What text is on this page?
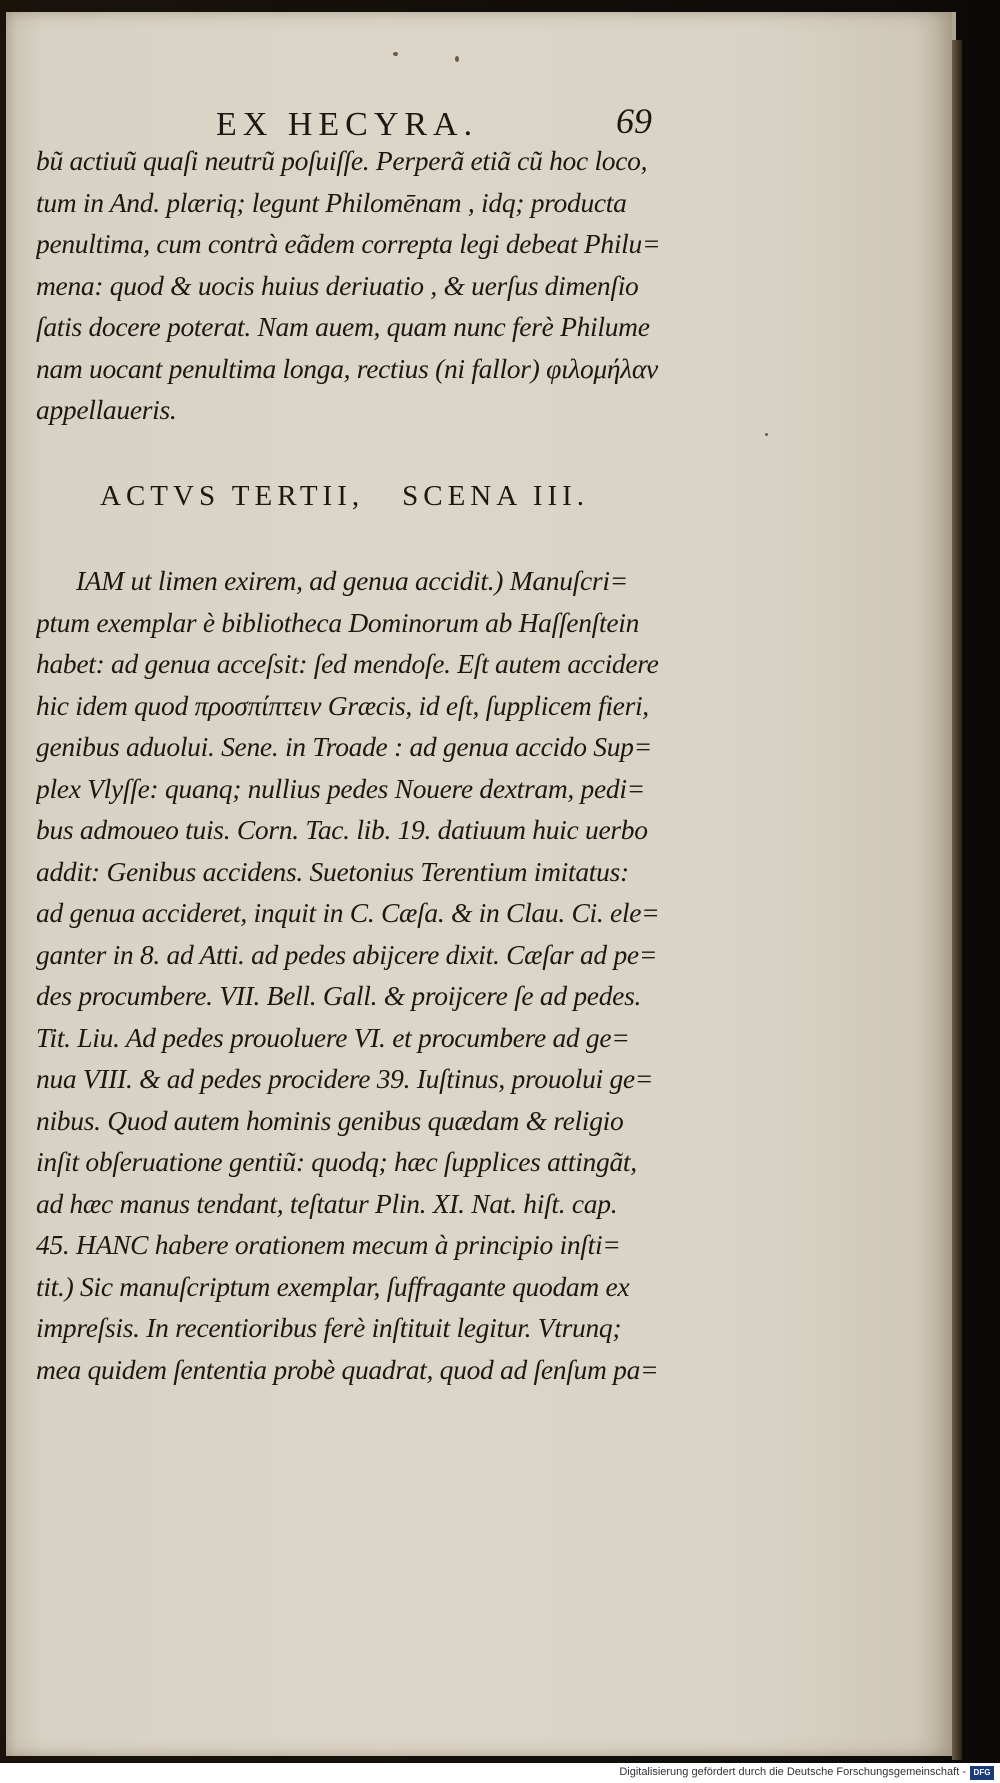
EX HECYRA.	69
bũ actiuũ quaſi neutrũ poſuiſſe. Perperã etiã cũ hoc loco,
tum in And. plæriq; legunt Philomēnam , idq; producta
penultima, cum contrà eãdem correpta legi debeat Philu=
mena: quod & uocis huius deriuatio , & uerſus dimenſio
ſatis docere poterat. Nam auem, quam nunc ferè Philume
nam uocant penultima longa, rectius (ni fallor) φιλομήλαν
appellaueris.
ACTVS TERTII, SCENA III.
IAM ut limen exirem, ad genua accidit.) Manuſcri=
ptum exemplar è bibliotheca Dominorum ab Haſſenſtein
habet: ad genua acceſsit: ſed mendoſe. Eſt autem accidere
hic idem quod προσπίπτειν Græcis, id eſt, ſupplicem fieri,
genibus aduolui. Sene. in Troade : ad genua accido Sup=
plex Vlyſſe: quanq; nullius pedes Nouere dextram, pedi=
bus admoueo tuis. Corn. Tac. lib. 19. datiuum huic uerbo
addit: Genibus accidens. Suetonius Terentium imitatus:
ad genua accideret, inquit in C. Cæſa. & in Clau. Ci. ele=
ganter in 8. ad Atti. ad pedes abijcere dixit. Cæſar ad pe=
des procumbere. VII. Bell. Gall. & proijcere ſe ad pedes.
Tit. Liu. Ad pedes prouoluere VI. et procumbere ad ge=
nua VIII. & ad pedes procidere 39. Iuſtinus, prouolui ge=
nibus. Quod autem hominis genibus quædam & religio
inſit obſeruatione gentiũ: quodq; hæc ſupplices attingãt,
ad hæc manus tendant, teſtatur Plin. XI. Nat. hiſt. cap.
45. HANC habere orationem mecum à principio inſti=
tit.) Sic manuſcriptum exemplar, ſuffragante quodam ex
impreſsis. In recentioribus ferè inſtituit legitur. Vtrunq;
mea quidem ſententia probè quadrat, quod ad ſenſum pa=
Digitalisierung gefördert durch die Deutsche Forschungsgemeinschaft - DFG
